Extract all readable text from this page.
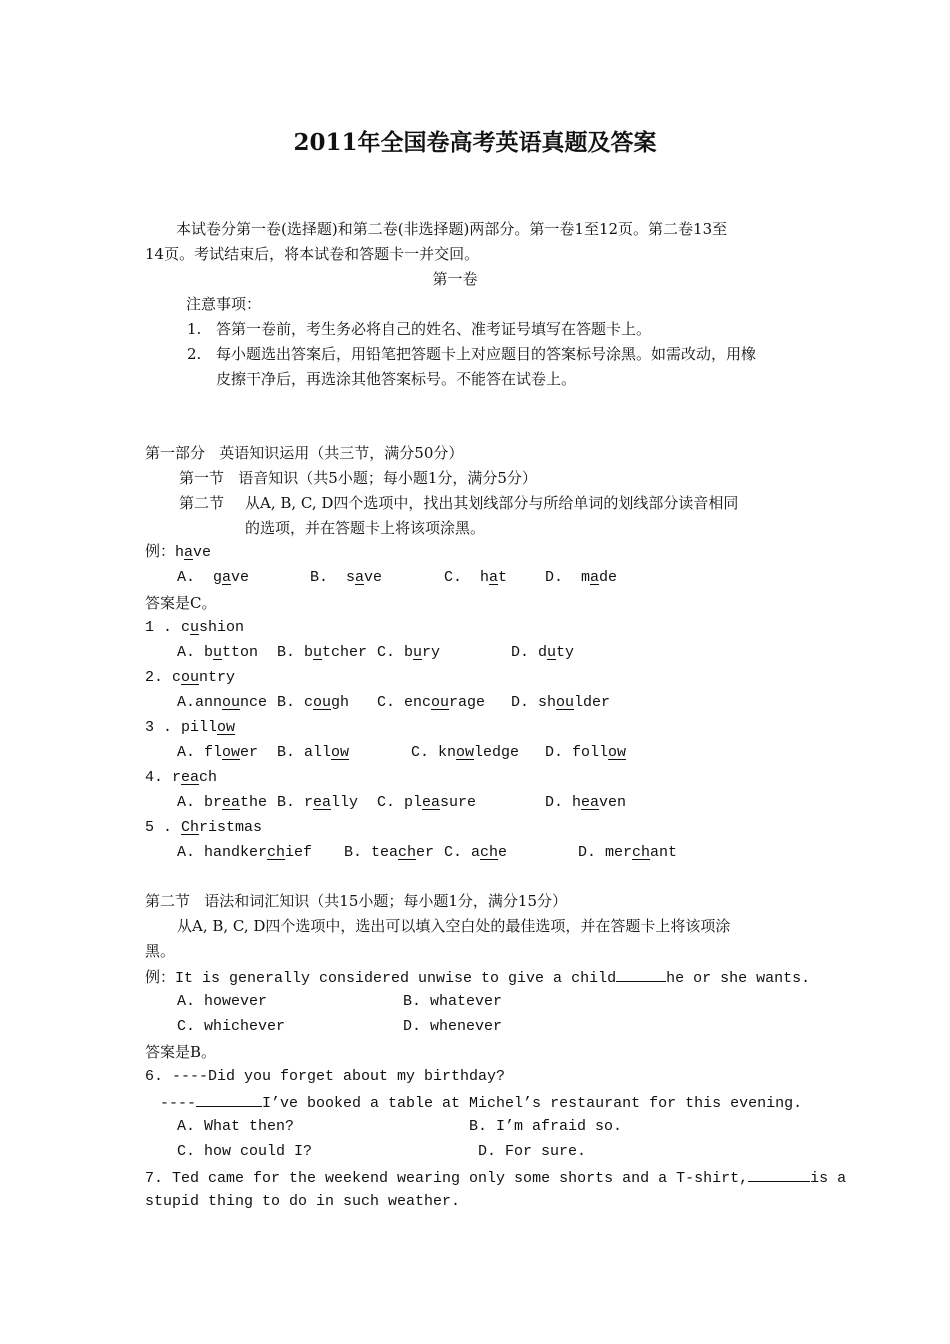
2011年全国卷高考英语真题及答案
本试卷分第一卷(选择题)和第二卷(非选择题)两部分。第一卷1至12页。第二卷13至
14页。考试结束后，将本试卷和答题卡一并交回。
第一卷
注意事项：
1. 答第一卷前，考生务必将自己的姓名、准考证号填写在答题卡上。
2. 每小题选出答案后，用铅笔把答题卡上对应题目的答案标号涂黑。如需改动，用橡
皮擦干净后，再选涂其他答案标号。不能答在试卷上。
第一部分   英语知识运用（共三节，满分50分）
第一节   语音知识（共5小题；每小题1分，满分5分）
第二节 从A, B, C, D四个选项中，找出其划线部分与所给单词的划线部分读音相同
的选项，并在答题卡上将该项涂黑。
例：have
A.  gave	B.  save	C.  hat	D.  made
答案是C。
1 . cushion
A. button B. butcher C. bury	D. duty
2. country
A.announce B. cough C. encourage D. shoulder
3 . pillow
A. flower B. allow	C. knowledge D. follow
4. reach
A. breathe B. really C. pleasure	D. heaven
5 . Christmas
A. handkerchief B. teacher C. ache	D. merchant
第二节   语法和词汇知识（共15小题；每小题1分，满分15分）
从A, B, C, D四个选项中，选出可以填入空白处的最佳选项，并在答题卡上将该项涂
黑。
例：It is generally considered unwise to give a child	he or she wants.
A. however	B. whatever
C. whichever	D. whenever
答案是B。
6. ----Did you forget about my birthday?
----	I’ve booked a table at Michel’s restaurant for this evening.
A. What then?	B. I’m afraid so.
C. how could I?	D. For sure.
7. Ted came for the weekend wearing only some shorts and a T-shirt,	is a
stupid thing to do in such weather.
